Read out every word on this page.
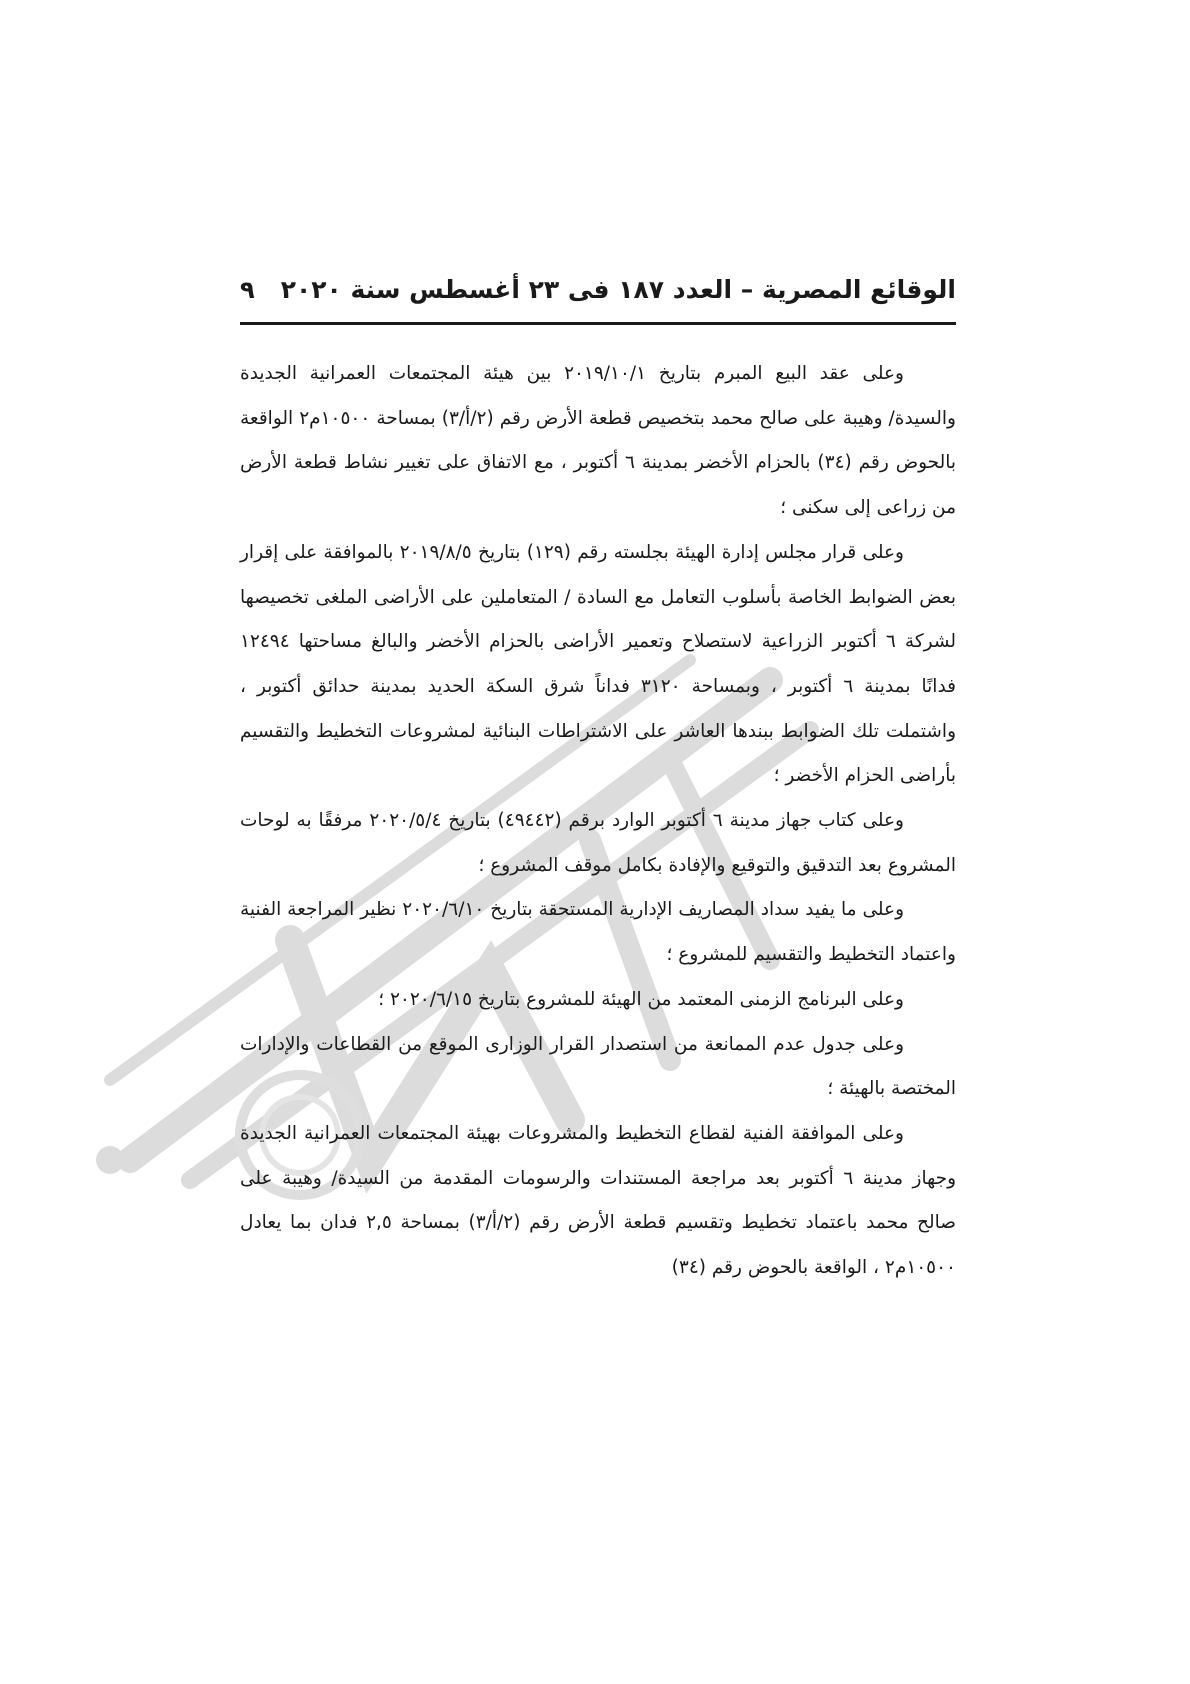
الوقائع المصرية – العدد ١٨٧ فى ٢٣ أغسطس سنة ٢٠٢٠
٩

وعلى عقد البيع المبرم بتاريخ ٢٠١٩/١٠/١ بين هيئة المجتمعات العمرانية الجديدة والسيدة/ وهيبة على صالح محمد بتخصيص قطعة الأرض رقم (٢/أ/٣) بمساحة ١٠٥٠٠م٢ الواقعة بالحوض رقم (٣٤) بالحزام الأخضر بمدينة ٦ أكتوبر ، مع الاتفاق على تغيير نشاط قطعة الأرض من زراعى إلى سكنى ؛

وعلى قرار مجلس إدارة الهيئة بجلسته رقم (١٢٩) بتاريخ ٢٠١٩/٨/٥ بالموافقة على إقرار بعض الضوابط الخاصة بأسلوب التعامل مع السادة / المتعاملين على الأراضى الملغى تخصيصها لشركة ٦ أكتوبر الزراعية لاستصلاح وتعمير الأراضى بالحزام الأخضر والبالغ مساحتها ١٢٤٩٤ فدانًا بمدينة ٦ أكتوبر ، وبمساحة ٣١٢٠ فداناً شرق السكة الحديد بمدينة حدائق أكتوبر ، واشتملت تلك الضوابط ببندها العاشر على الاشتراطات البنائية لمشروعات التخطيط والتقسيم بأراضى الحزام الأخضر ؛

وعلى كتاب جهاز مدينة ٦ أكتوبر الوارد برقم (٤٩٤٤٢) بتاريخ ٢٠٢٠/٥/٤ مرفقًا به لوحات المشروع بعد التدقيق والتوقيع والإفادة بكامل موقف المشروع ؛

وعلى ما يفيد سداد المصاريف الإدارية المستحقة بتاريخ ٢٠٢٠/٦/١٠ نظير المراجعة الفنية واعتماد التخطيط والتقسيم للمشروع ؛

وعلى البرنامج الزمنى المعتمد من الهيئة للمشروع بتاريخ ٢٠٢٠/٦/١٥ ؛

وعلى جدول عدم الممانعة من استصدار القرار الوزارى الموقع من القطاعات والإدارات المختصة بالهيئة ؛

وعلى الموافقة الفنية لقطاع التخطيط والمشروعات بهيئة المجتمعات العمرانية الجديدة وجهاز مدينة ٦ أكتوبر بعد مراجعة المستندات والرسومات المقدمة من السيدة/ وهيبة على صالح محمد باعتماد تخطيط وتقسيم قطعة الأرض رقم (٢/أ/٣) بمساحة ٢,٥ فدان بما يعادل ١٠٥٠٠م٢ ، الواقعة بالحوض رقم (٣٤)
